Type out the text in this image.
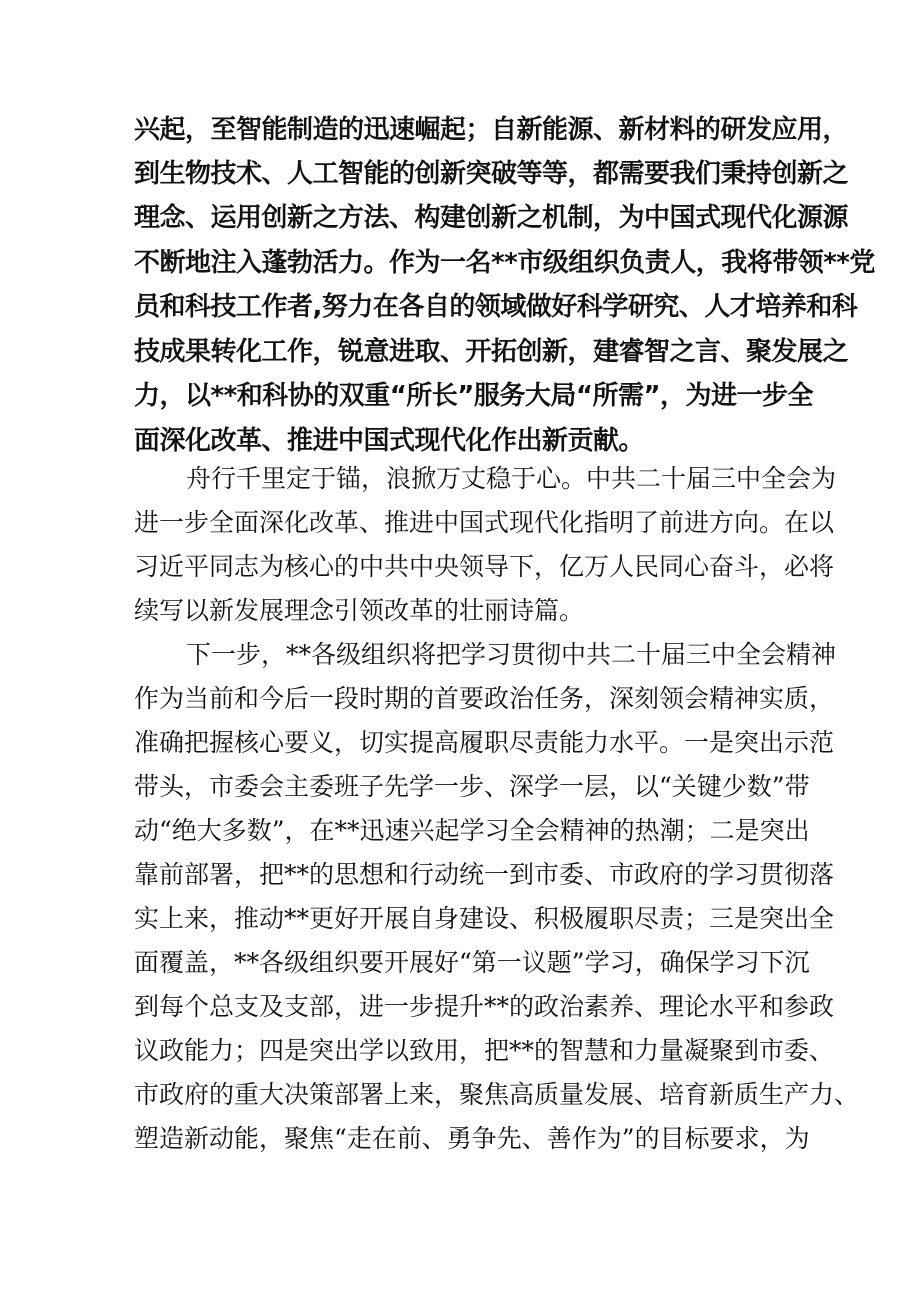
兴起，至智能制造的迅速崛起；自新能源、新材料的研发应用，
到生物技术、人工智能的创新突破等等，都需要我们秉持创新之
理念、运用创新之方法、构建创新之机制，为中国式现代化源源
不断地注入蓬勃活力。作为一名**市级组织负责人，我将带领**党
员和科技工作者,努力在各自的领域做好科学研究、人才培养和科
技成果转化工作，锐意进取、开拓创新，建睿智之言、聚发展之
力，以**和科协的双重“所长”服务大局“所需”，为进一步全
面深化改革、推进中国式现代化作出新贡献。
舟行千里定于锚，浪掀万丈稳于心。中共二十届三中全会为
进一步全面深化改革、推进中国式现代化指明了前进方向。在以
习近平同志为核心的中共中央领导下，亿万人民同心奋斗，必将
续写以新发展理念引领改革的壮丽诗篇。
下一步，**各级组织将把学习贯彻中共二十届三中全会精神
作为当前和今后一段时期的首要政治任务，深刻领会精神实质，
准确把握核心要义，切实提高履职尽责能力水平。一是突出示范
带头，市委会主委班子先学一步、深学一层，以“关键少数”带
动“绝大多数”，在**迅速兴起学习全会精神的热潮；二是突出
靠前部署，把**的思想和行动统一到市委、市政府的学习贯彻落
实上来，推动**更好开展自身建设、积极履职尽责；三是突出全
面覆盖，**各级组织要开展好“第一议题”学习，确保学习下沉
到每个总支及支部，进一步提升**的政治素养、理论水平和参政
议政能力；四是突出学以致用，把**的智慧和力量凝聚到市委、
市政府的重大决策部署上来，聚焦高质量发展、培育新质生产力、
塑造新动能，聚焦“走在前、勇争先、善作为”的目标要求，为
